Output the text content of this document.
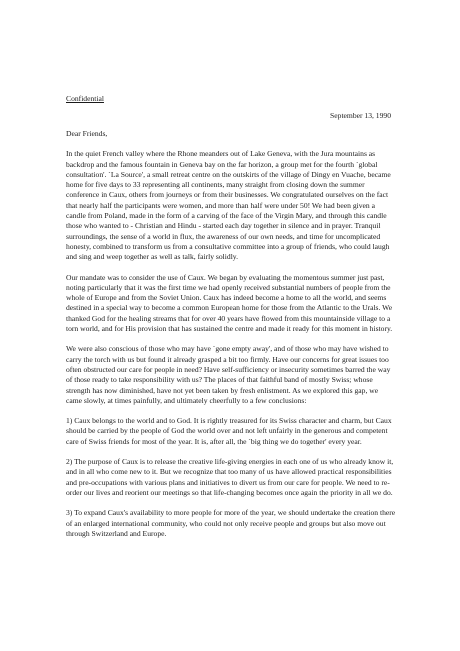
Confidential
September 13, 1990

Dear Friends,

In the quiet French valley where the Rhone meanders out of Lake Geneva, with the Jura mountains as backdrop and the famous fountain in Geneva bay on the far horizon, a group met for the fourth `global consultation'. `La Source', a small retreat centre on the outskirts of the village of Dingy en Vuache, became home for five days to 33 representing all continents, many straight from closing down the summer conference in Caux, others from journeys or from their businesses. We congratulated ourselves on the fact that nearly half the participants were women, and more than half were under 50! We had been given a candle from Poland, made in the form of a carving of the face of the Virgin Mary, and through this candle those who wanted to - Christian and Hindu - started each day together in silence and in prayer. Tranquil surroundings, the sense of a world in flux, the awareness of our own needs, and time for uncomplicated honesty, combined to transform us from a consultative committee into a group of friends, who could laugh and sing and weep together as well as talk, fairly solidly.

Our mandate was to consider the use of Caux. We began by evaluating the momentous summer just past, noting particularly that it was the first time we had openly received substantial numbers of people from the whole of Europe and from the Soviet Union. Caux has indeed become a home to all the world, and seems destined in a special way to become a common European home for those from the Atlantic to the Urals. We thanked God for the healing streams that for over 40 years have flowed from this mountainside village to a torn world, and for His provision that has sustained the centre and made it ready for this moment in history.

We were also conscious of those who may have `gone empty away', and of those who may have wished to carry the torch with us but found it already grasped a bit too firmly. Have our concerns for great issues too often obstructed our care for people in need? Have self-sufficiency or insecurity sometimes barred the way of those ready to take responsibility with us? The places of that faithful band of mostly Swiss; whose strength has now diminished, have not yet been taken by fresh enlistment. As we explored this gap, we came slowly, at times painfully, and ultimately cheerfully to a few conclusions:

1) Caux belongs to the world and to God. It is rightly treasured for its Swiss character and charm, but Caux should be carried by the people of God the world over and not left unfairly in the generous and competent care of Swiss friends for most of the year. It is, after all, the `big thing we do together' every year.

2) The purpose of Caux is to release the creative life-giving energies in each one of us who already know it, and in all who come new to it. But we recognize that too many of us have allowed practical responsibilities and pre-occupations with various plans and initiatives to divert us from our care for people. We need to re-order our lives and reorient our meetings so that life-changing becomes once again the priority in all we do.

3) To expand Caux's availability to more people for more of the year, we should undertake the creation there of an enlarged international community, who could not only receive people and groups but also move out through Switzerland and Europe.
